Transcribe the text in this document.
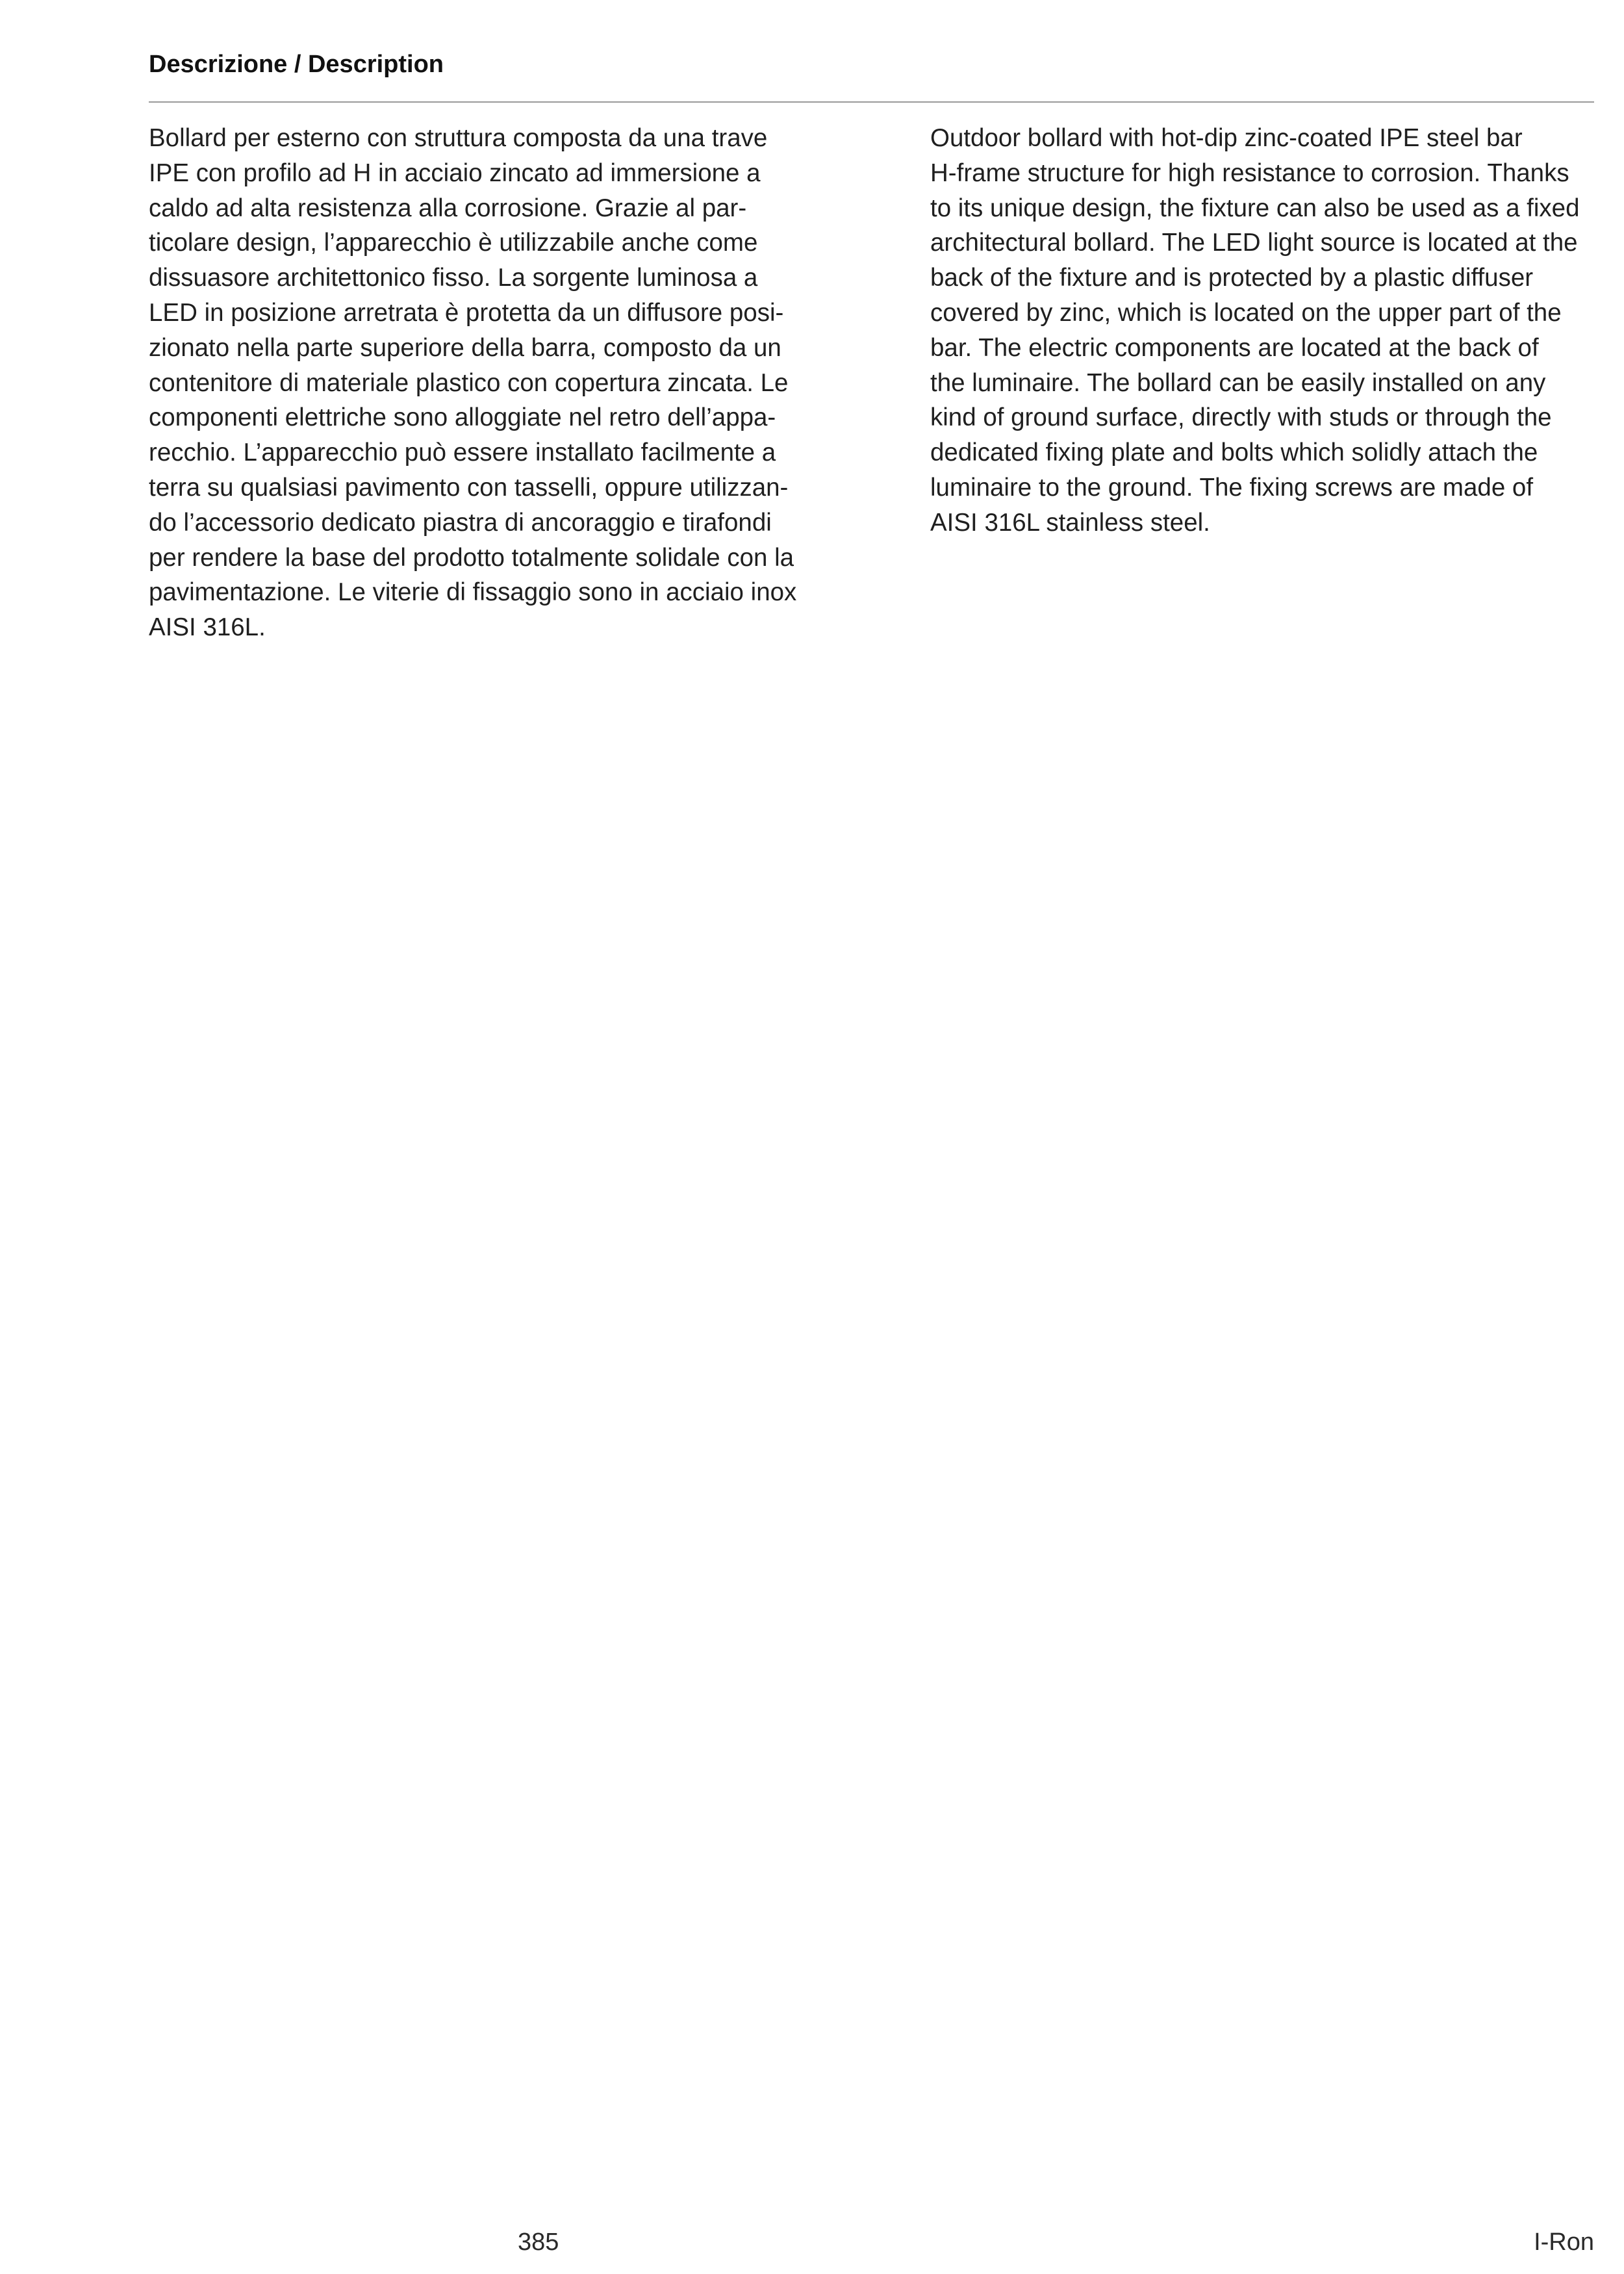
Descrizione / Description

Bollard per esterno con struttura composta da una trave
IPE con profilo ad H in acciaio zincato ad immersione a
caldo ad alta resistenza alla corrosione. Grazie al par-
ticolare design, l’apparecchio è utilizzabile anche come
dissuasore architettonico fisso. La sorgente luminosa a
LED in posizione arretrata è protetta da un diffusore posi-
zionato nella parte superiore della barra, composto da un
contenitore di materiale plastico con copertura zincata. Le
componenti elettriche sono alloggiate nel retro dell’appa-
recchio. L’apparecchio può essere installato facilmente a
terra su qualsiasi pavimento con tasselli, oppure utilizzan-
do l’accessorio dedicato piastra di ancoraggio e tirafondi
per rendere la base del prodotto totalmente solidale con la
pavimentazione. Le viterie di fissaggio sono in acciaio inox
AISI 316L.

Outdoor bollard with hot-dip zinc-coated IPE steel bar
H-frame structure for high resistance to corrosion. Thanks
to its unique design, the fixture can also be used as a fixed
architectural bollard. The LED light source is located at the
back of the fixture and is protected by a plastic diffuser
covered by zinc, which is located on the upper part of the
bar. The electric components are located at the back of
the luminaire. The bollard can be easily installed on any
kind of ground surface, directly with studs or through the
dedicated fixing plate and bolts which solidly attach the
luminaire to the ground. The fixing screws are made of
AISI 316L stainless steel.

385	I-Ron
